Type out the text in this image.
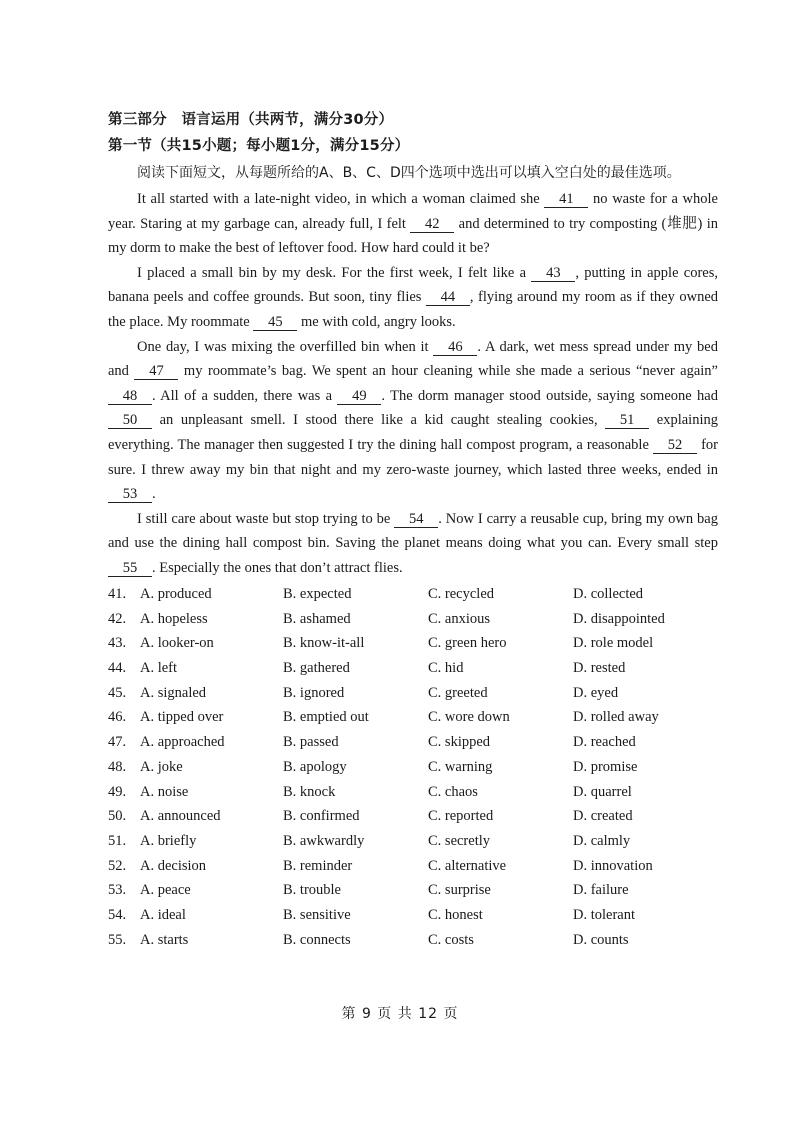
第三部分　语言运用（共两节，满分30分）
第一节（共15小题；每小题1分，满分15分）
阅读下面短文，从每题所给的A、B、C、D四个选项中选出可以填入空白处的最佳选项。

It all started with a late-night video, in which a woman claimed she 41 no waste for a whole year. Staring at my garbage can, already full, I felt 42 and determined to try composting (堆肥) in my dorm to make the best of leftover food. How hard could it be?

I placed a small bin by my desk. For the first week, I felt like a 43 , putting in apple cores, banana peels and coffee grounds. But soon, tiny flies 44 , flying around my room as if they owned the place. My roommate 45 me with cold, angry looks.

One day, I was mixing the overfilled bin when it 46 . A dark, wet mess spread under my bed and 47 my roommate’s bag. We spent an hour cleaning while she made a serious “never again” 48 . All of a sudden, there was a 49 . The dorm manager stood outside, saying someone had 50 an unpleasant smell. I stood there like a kid caught stealing cookies, 51 explaining everything. The manager then suggested I try the dining hall compost program, a reasonable 52 for sure. I threw away my bin that night and my zero-waste journey, which lasted three weeks, ended in 53 .

I still care about waste but stop trying to be 54 . Now I carry a reusable cup, bring my own bag and use the dining hall compost bin. Saving the planet means doing what you can. Every small step 55 . Especially the ones that don’t attract flies.

41. A. produced	B. expected	C. recycled	D. collected
42. A. hopeless	B. ashamed	C. anxious	D. disappointed
43. A. looker-on	B. know-it-all	C. green hero	D. role model
44. A. left	B. gathered	C. hid	D. rested
45. A. signaled	B. ignored	C. greeted	D. eyed
46. A. tipped over	B. emptied out	C. wore down	D. rolled away
47. A. approached	B. passed	C. skipped	D. reached
48. A. joke	B. apology	C. warning	D. promise
49. A. noise	B. knock	C. chaos	D. quarrel
50. A. announced	B. confirmed	C. reported	D. created
51. A. briefly	B. awkwardly	C. secretly	D. calmly
52. A. decision	B. reminder	C. alternative	D. innovation
53. A. peace	B. trouble	C. surprise	D. failure
54. A. ideal	B. sensitive	C. honest	D. tolerant
55. A. starts	B. connects	C. costs	D. counts
第 9 页 共 12 页
